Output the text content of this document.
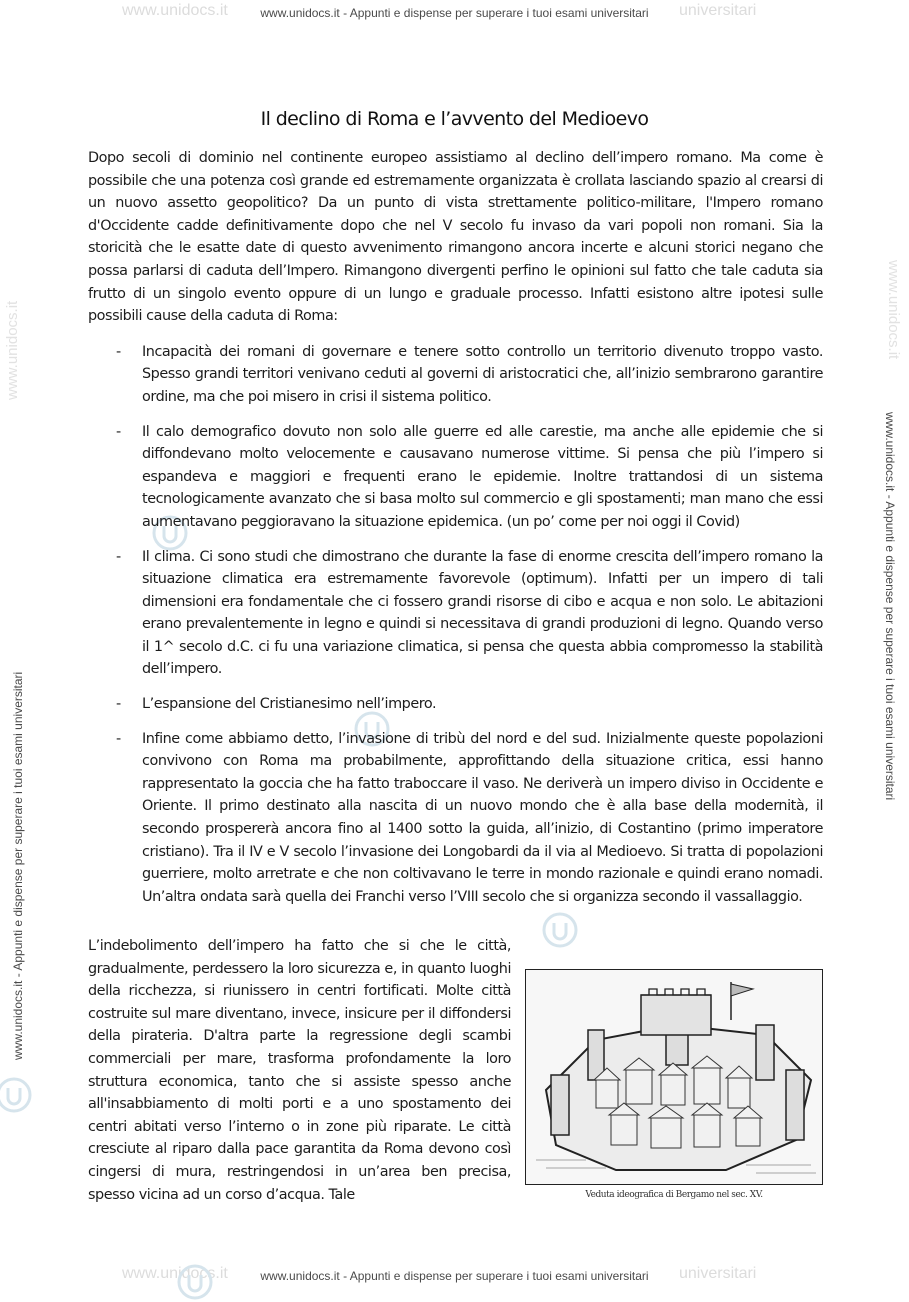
www.unidocs.it	universitari
www.unidocs.it	universitari
www.unidocs.it - Appunti e dispense per superare i tuoi esami universitari
www.unidocs.it - Appunti e dispense per superare i tuoi esami universitari
www.unidocs.it - Appunti e dispense per superare i tuoi esami universitari
www.unidocs.it - Appunti e dispense per superare i tuoi esami universitari
www.unidocs.it	www.unidocs.it
Il declino di Roma e l’avvento del Medioevo

Dopo secoli di dominio nel continente europeo assistiamo al declino dell’impero romano. Ma come è possibile che una potenza così grande ed estremamente organizzata è crollata lasciando spazio al crearsi di un nuovo assetto geopolitico? Da un punto di vista strettamente politico-militare, l'Impero romano d'Occidente cadde definitivamente dopo che nel V secolo fu invaso da vari popoli non romani. Sia la storicità che le esatte date di questo avvenimento rimangono ancora incerte e alcuni storici negano che possa parlarsi di caduta dell’Impero. Rimangono divergenti perfino le opinioni sul fatto che tale caduta sia frutto di un singolo evento oppure di un lungo e graduale processo. Infatti esistono altre ipotesi sulle possibili cause della caduta di Roma:

- Incapacità dei romani di governare e tenere sotto controllo un territorio divenuto troppo vasto. Spesso grandi territori venivano ceduti al governi di aristocratici che, all’inizio sembrarono garantire ordine, ma che poi misero in crisi il sistema politico.
- Il calo demografico dovuto non solo alle guerre ed alle carestie, ma anche alle epidemie che si diffondevano molto velocemente e causavano numerose vittime. Si pensa che più l’impero si espandeva e maggiori e frequenti erano le epidemie. Inoltre trattandosi di un sistema tecnologicamente avanzato che si basa molto sul commercio e gli spostamenti; man mano che essi aumentavano peggioravano la situazione epidemica. (un po’ come per noi oggi il Covid)
- Il clima. Ci sono studi che dimostrano che durante la fase di enorme crescita dell’impero romano la situazione climatica era estremamente favorevole (optimum). Infatti per un impero di tali dimensioni era fondamentale che ci fossero grandi risorse di cibo e acqua e non solo. Le abitazioni erano prevalentemente in legno e quindi si necessitava di grandi produzioni di legno. Quando verso il 1^ secolo d.C. ci fu una variazione climatica, si pensa che questa abbia compromesso la stabilità dell’impero.
- L’espansione del Cristianesimo nell’impero.
- Infine come abbiamo detto, l’invasione di tribù del nord e del sud. Inizialmente queste popolazioni convivono con Roma ma probabilmente, approfittando della situazione critica, essi hanno rappresentato la goccia che ha fatto traboccare il vaso. Ne deriverà un impero diviso in Occidente e Oriente. Il primo destinato alla nascita di un nuovo mondo che è alla base della modernità, il secondo prospererà ancora fino al 1400 sotto la guida, all’inizio, di Costantino (primo imperatore cristiano). Tra il IV e V secolo l’invasione dei Longobardi da il via al Medioevo. Si tratta di popolazioni guerriere, molto arretrate e che non coltivavano le terre in mondo razionale e quindi erano nomadi. Un’altra ondata sarà quella dei Franchi verso l’VIII secolo che si organizza secondo il vassallaggio.
Veduta ideografica di Bergamo nel sec. XV.
L’indebolimento dell’impero ha fatto che si che le città, gradualmente, perdessero la loro sicurezza e, in quanto luoghi della ricchezza, si riunissero in centri fortificati. Molte città costruite sul mare diventano, invece, insicure per il diffondersi della pirateria. D'altra parte la regressione degli scambi commerciali per mare, trasforma profondamente la loro struttura economica, tanto che si assiste spesso anche all'insabbiamento di molti porti e a uno spostamento dei centri abitati verso l’interno o in zone più riparate. Le città cresciute al riparo dalla pace garantita da Roma devono così cingersi di mura, restringendosi in un’area ben precisa, spesso vicina ad un corso d’acqua. Tale
